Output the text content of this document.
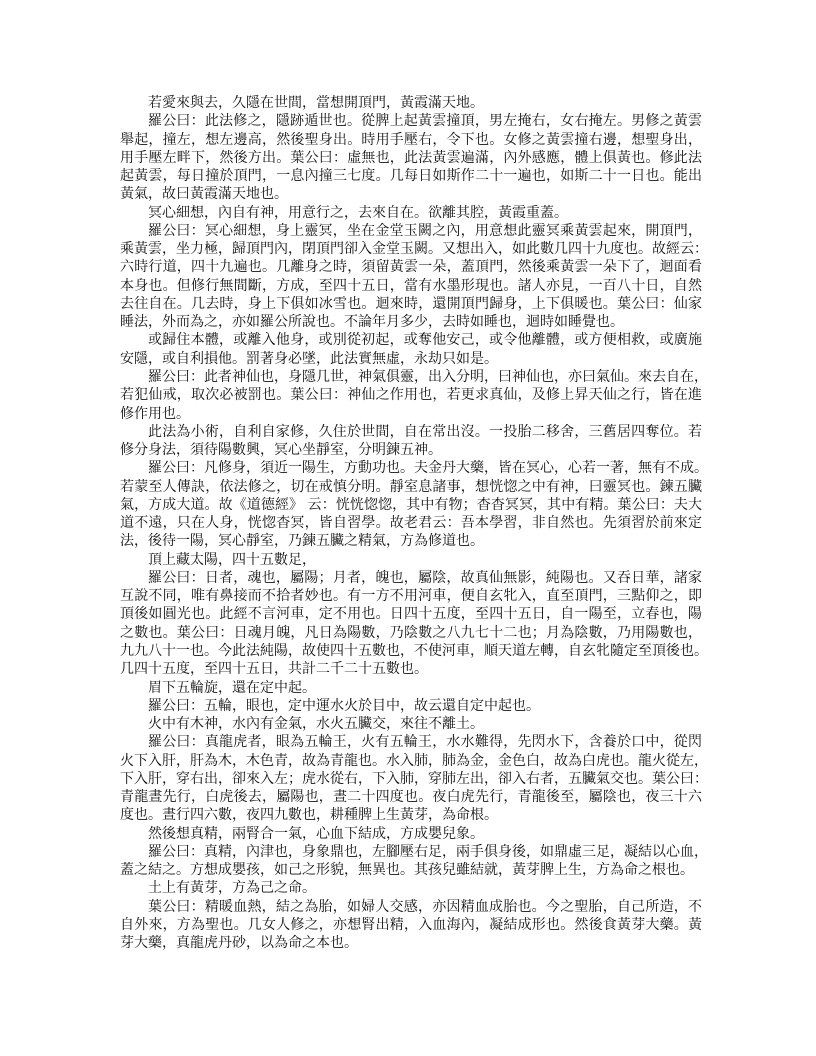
若愛來與去，久隱在世間，當想開頂門，黃霞滿天地。
羅公曰：此法修之，隱跡遁世也。從脾上起黃雲撞頂，男左掩右，女右掩左。男修之黃雲
舉起，撞左，想左邊高，然後聖身出。時用手壓右，令下也。女修之黃雲撞右邊，想聖身出，
用手壓左畔下，然後方出。葉公曰：虛無也，此法黃雲遍滿，內外感應，體上俱黃也。修此法
起黃雲，每日撞於頂門，一息內撞三七度。几每日如斯作二十一遍也，如斯二十一日也。能出
黃氣，故曰黃霞滿天地也。
冥心細想，內自有神，用意行之，去來自在。欲離其腔，黃霞重蓋。
羅公曰：冥心細想，身上靈冥，坐在金堂玉闕之內，用意想此靈冥乘黃雲起來，開頂門，
乘黃雲，坐力極，歸頂門內，閉頂門卻入金堂玉闕。又想出入，如此數几四十九度也。故經云：
六時行道，四十九遍也。几離身之時，須留黃雲一朵，蓋頂門，然後乘黃雲一朵下了，迴面看
本身也。但修行無間斷，方成，至四十五日，當有水墨形現也。諸人亦見，一百八十日，自然
去往自在。几去時，身上下俱如冰雪也。迴來時，還開頂門歸身，上下俱暖也。葉公曰：仙家
睡法，外而為之，亦如羅公所說也。不論年月多少，去時如睡也，迴時如睡覺也。
或歸住本體，或離入他身，或別從初起，或奪他安己，或令他離體，或方便相救，或廣施
安隱，或自利損他。罰著身必墜，此法實無虛，永劫只如是。
羅公曰：此者神仙也，身隱几世，神氣俱靈，出入分明，曰神仙也，亦曰氣仙。來去自在，
若犯仙戒，取次必被罰也。葉公曰：神仙之作用也，若更求真仙，及修上昇天仙之行，皆在進
修作用也。
此法為小術，自利自家修，久住於世間，自在常出沒。一投胎二移舍，三舊居四奪位。若
修分身法，須待陽數興，冥心坐靜室，分明鍊五神。
羅公曰：凡修身，須近一陽生，方動功也。夫金丹大藥，皆在冥心，心若一著，無有不成。
若蒙至人傳訣，依法修之，切在戒慎分明。靜室息諸事，想恍惚之中有神，曰靈冥也。鍊五臟
氣，方成大道。故《道德經》 云：恍恍惚惚，其中有物；杳杳冥冥，其中有精。葉公曰：夫大
道不遠，只在人身，恍惚杳冥，皆自習學。故老君云：吾本學習，非自然也。先須習於前來定
法，後待一陽，冥心靜室，乃鍊五臟之精氣，方為修道也。
頂上藏太陽，四十五數足，
羅公曰：日者，魂也，屬陽；月者，魄也，屬陰，故真仙無影，純陽也。又吞日華，諸家
互說不同，唯有鼻接而不拾者妙也。有一方不用河車，便自玄牝入，直至頂門，三點仰之，即
頂後如圓光也。此經不言河車，定不用也。日四十五度，至四十五日，自一陽至，立春也，陽
之數也。葉公曰：日魂月魄，凡日為陽數，乃陰數之八九七十二也；月為陰數，乃用陽數也，
九九八十一也。今此法純陽，故使四十五數也，不使河車，順天道左轉，自玄牝隨定至頂後也。
几四十五度，至四十五日，共計二千二十五數也。
眉下五輪旋，還在定中起。
羅公曰：五輪，眼也，定中運水火於目中，故云還自定中起也。
火中有木神，水內有金氣，水火五臟交，來往不離土。
羅公曰：真龍虎者，眼為五輪王，火有五輪王，水水難得，先閃水下，含養於口中，從閃
火下入肝，肝為木，木色青，故為青龍也。水入肺，肺為金，金色白，故為白虎也。龍火從左，
下入肝，穿右出，卻來入左；虎水從右，下入肺，穿肺左出，卻入右者，五臟氣交也。葉公曰：
青龍晝先行，白虎後去，屬陽也，晝二十四度也。夜白虎先行，青龍後至，屬陰也，夜三十六
度也。晝行四六數，夜四九數也，耕種脾上生黃芽，為命根。
然後想真精，兩腎合一氣，心血下結成，方成嬰兒象。
羅公曰：真精，內津也，身象鼎也，左腳壓右足，兩手俱身後，如鼎虛三足，凝結以心血，
蓋之結之。方想成嬰孩，如己之形貌，無異也。其孩兒雖結就，黃芽脾上生，方為命之根也。
土上有黃芽，方為己之命。
葉公曰：精暖血熱，結之為胎，如婦人交感，亦因精血成胎也。今之聖胎，自己所造，不
自外來，方為聖也。几女人修之，亦想腎出精，入血海內，凝結成形也。然後食黃芽大藥。黃
芽大藥，真龍虎丹砂，以為命之本也。
